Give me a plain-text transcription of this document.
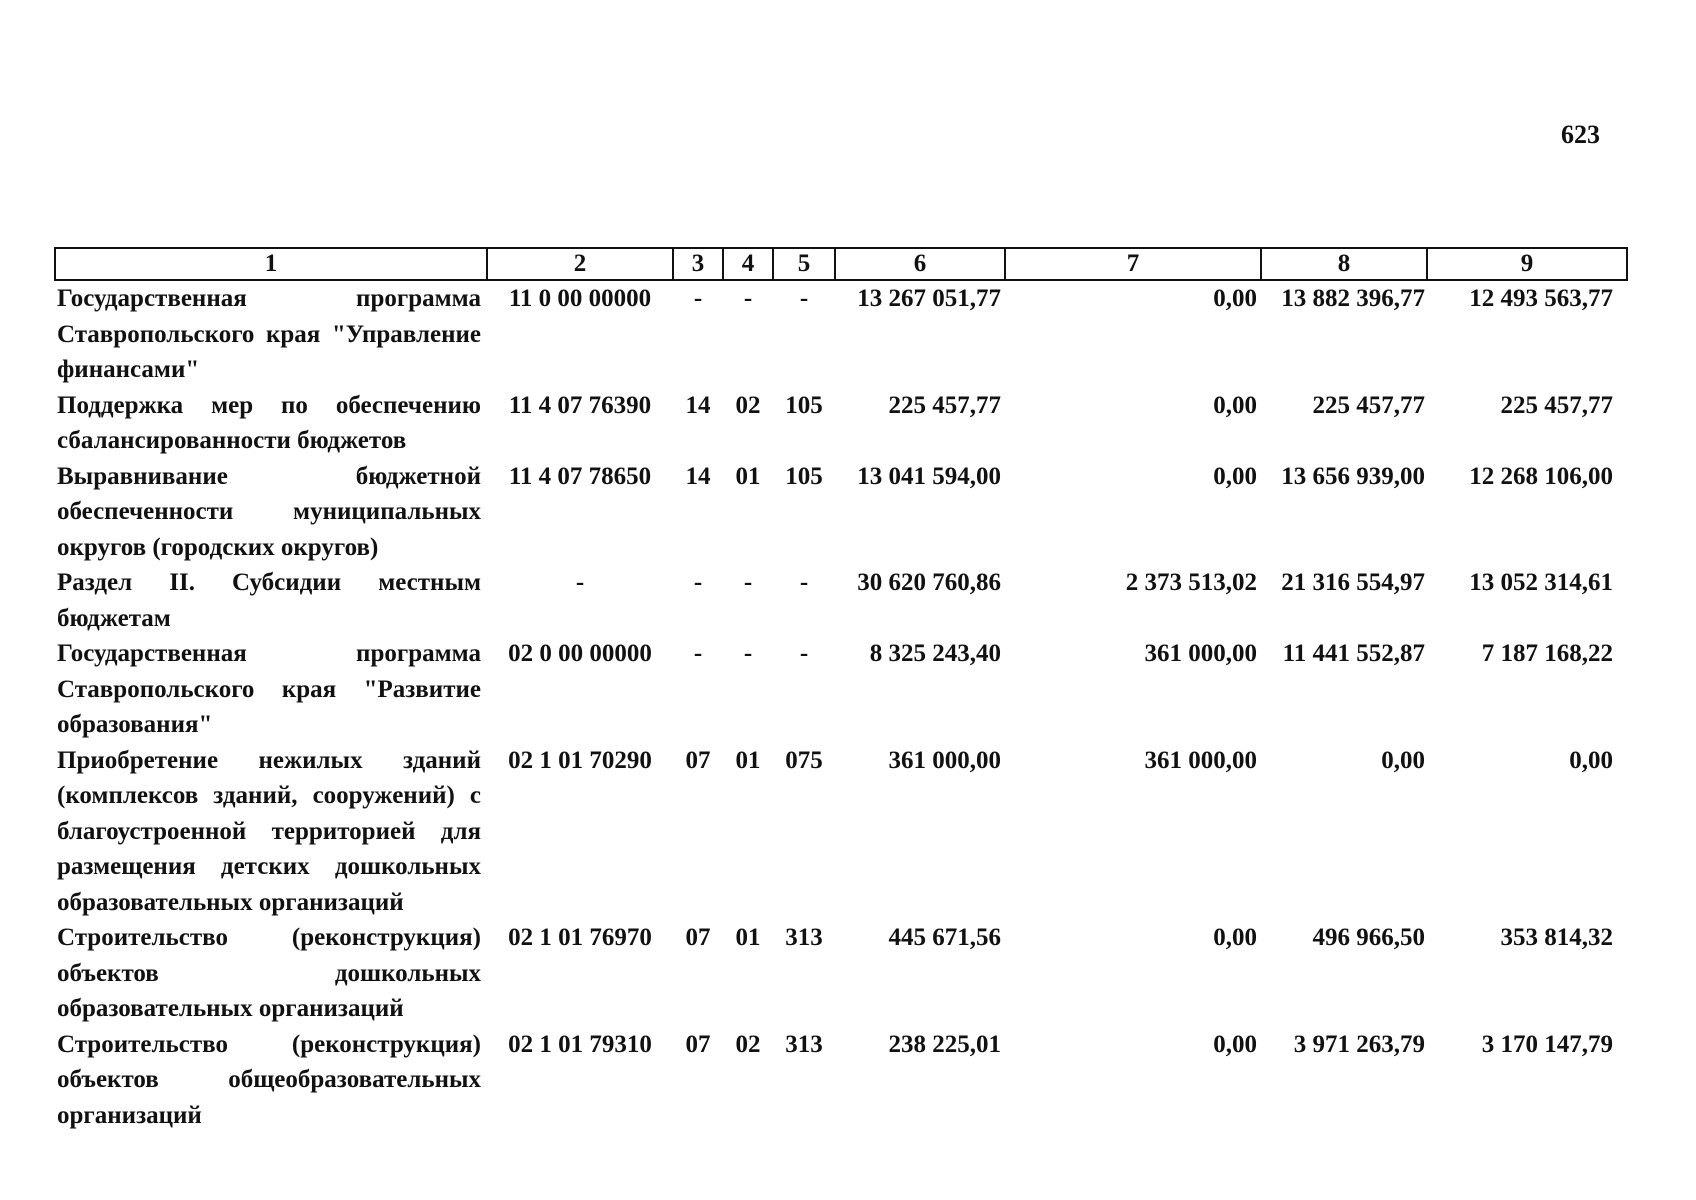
623
1	2	3	4	5	6	7	8	9
Государственная программа Ставропольского края "Управление финансами"	11 0 00 00000	-	-	-	13 267 051,77	0,00	13 882 396,77	12 493 563,77
Поддержка мер по обеспечению сбалансированности бюджетов	11 4 07 76390	14	02	105	225 457,77	0,00	225 457,77	225 457,77
Выравнивание бюджетной обеспеченности муниципальных округов (городских округов)	11 4 07 78650	14	01	105	13 041 594,00	0,00	13 656 939,00	12 268 106,00
Раздел II. Субсидии местным бюджетам	-	-	-	-	30 620 760,86	2 373 513,02	21 316 554,97	13 052 314,61
Государственная программа Ставропольского края "Развитие образования"	02 0 00 00000	-	-	-	8 325 243,40	361 000,00	11 441 552,87	7 187 168,22
Приобретение нежилых зданий (комплексов зданий, сооружений) с благоустроенной территорией для размещения детских дошкольных образовательных организаций	02 1 01 70290	07	01	075	361 000,00	361 000,00	0,00	0,00
Строительство (реконструкция) объектов дошкольных образовательных организаций	02 1 01 76970	07	01	313	445 671,56	0,00	496 966,50	353 814,32
Строительство (реконструкция) объектов общеобразовательных организаций	02 1 01 79310	07	02	313	238 225,01	0,00	3 971 263,79	3 170 147,79
